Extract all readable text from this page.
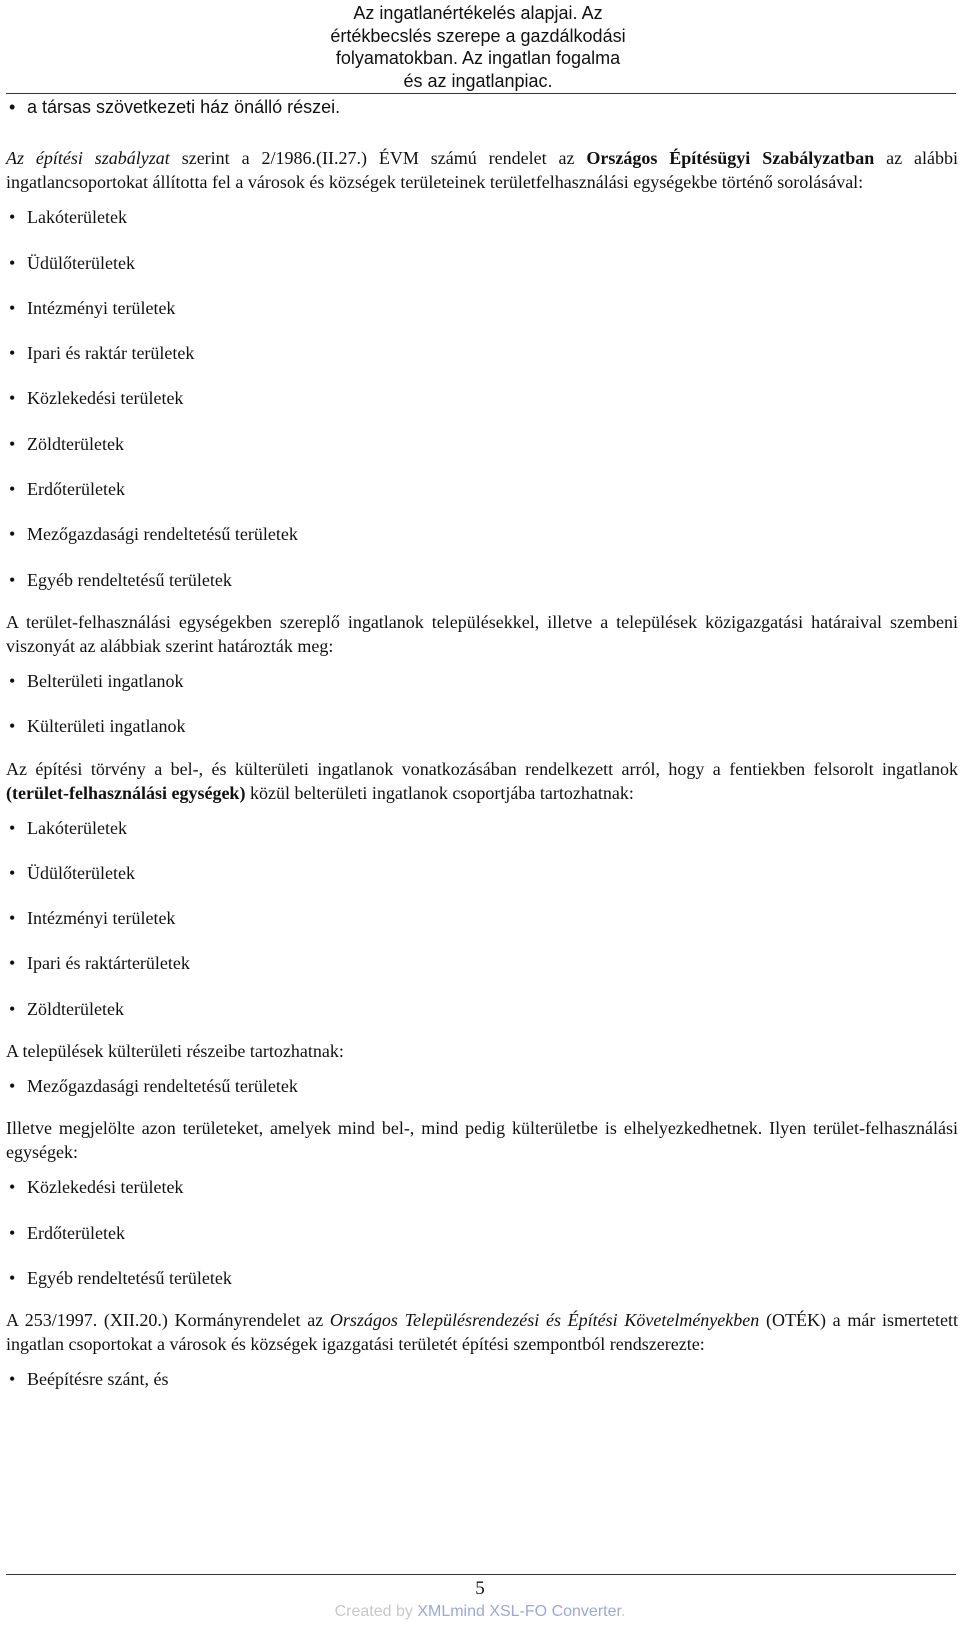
Az ingatlanértékelés alapjai. Az
értékbecslés szerepe a gazdálkodási
folyamatokban. Az ingatlan fogalma
és az ingatlanpiac.
• a társas szövetkezeti ház önálló részei.

Az építési szabályzat szerint a 2/1986.(II.27.) ÉVM számú rendelet az Országos Építésügyi Szabályzatban az alábbi ingatlancsoportokat állította fel a városok és községek területeinek területfelhasználási egységekbe történő sorolásával:

• Lakóterületek
• Üdülőterületek
• Intézményi területek
• Ipari és raktár területek
• Közlekedési területek
• Zöldterületek
• Erdőterületek
• Mezőgazdasági rendeltetésű területek
• Egyéb rendeltetésű területek

A terület-felhasználási egységekben szereplő ingatlanok településekkel, illetve a települések közigazgatási határaival szembeni viszonyát az alábbiak szerint határozták meg:

• Belterületi ingatlanok
• Külterületi ingatlanok

Az építési törvény a bel-, és külterületi ingatlanok vonatkozásában rendelkezett arról, hogy a fentiekben felsorolt ingatlanok (terület-felhasználási egységek) közül belterületi ingatlanok csoportjába tartozhatnak:

• Lakóterületek
• Üdülőterületek
• Intézményi területek
• Ipari és raktárterületek
• Zöldterületek

A települések külterületi részeibe tartozhatnak:

• Mezőgazdasági rendeltetésű területek

Illetve megjelölte azon területeket, amelyek mind bel-, mind pedig külterületbe is elhelyezkedhetnek. Ilyen terület-felhasználási egységek:

• Közlekedési területek
• Erdőterületek
• Egyéb rendeltetésű területek

A 253/1997. (XII.20.) Kormányrendelet az Országos Településrendezési és Építési Követelményekben (OTÉK) a már ismertetett ingatlan csoportokat a városok és községek igazgatási területét építési szempontból rendszerezte:

• Beépítésre szánt, és
5
Created by XMLmind XSL-FO Converter.
